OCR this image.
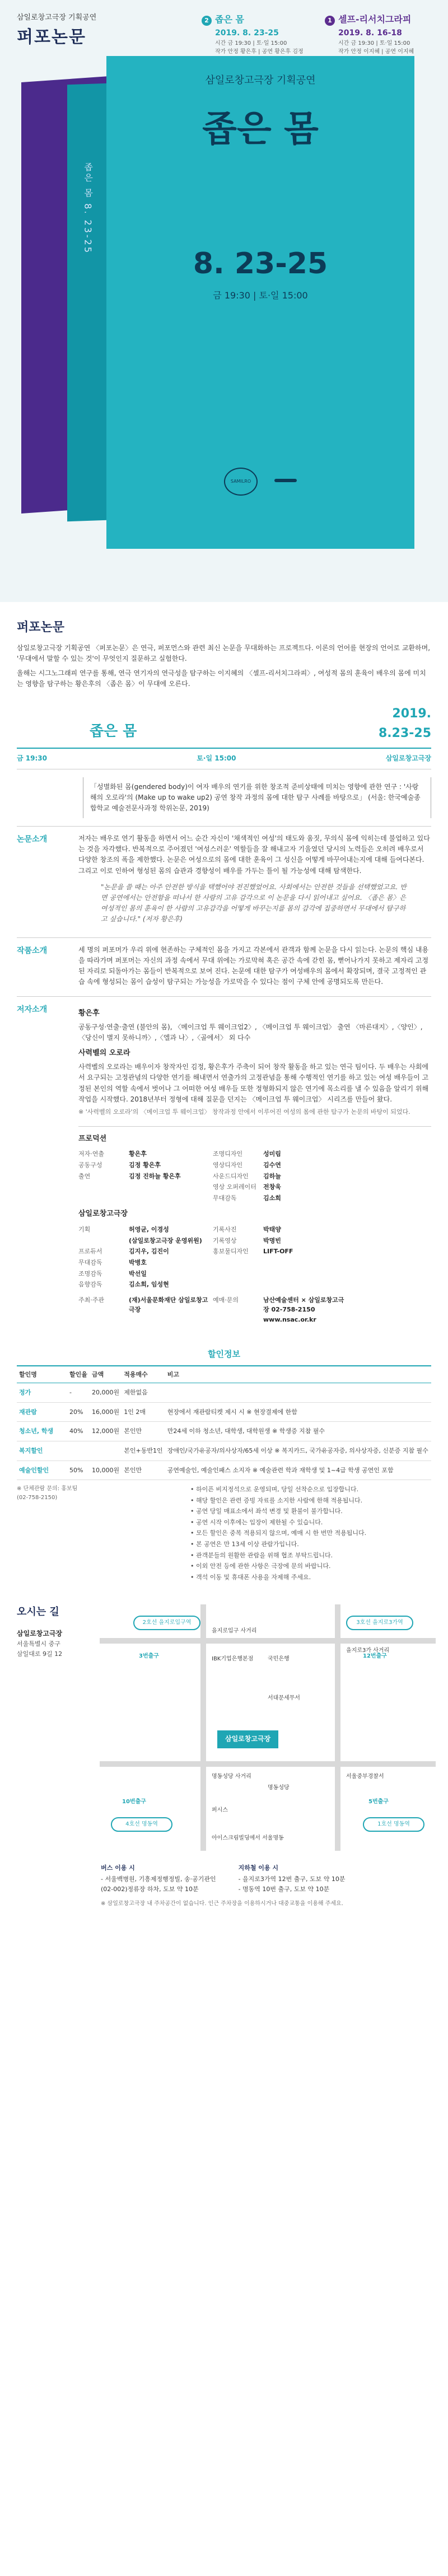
삼일로창고극장 기획공연
퍼포논문
2 좁은 몸
2019. 8. 23-25
시간 금 19:30 | 토·일 15:00
작가 안정 황은후 | 공연 황은후 김정
1 셀프-리서치그라피
2019. 8. 16-18
시간 금 19:30 | 토·일 15:00
작가 안정 이지혜 | 공연 이지혜
좁은 몸 8. 23-25
삼일로창고극장 기획공연
좁은 몸
8. 23-25
금 19:30 | 토·일 15:00
SAMILRO
퍼포논문

삼일로창고극장 기획공연 〈퍼포논문〉은 연극, 퍼포먼스와 관련 최신 논문을 무대화하는 프로젝트다. 이론의 언어를 현장의 언어로 교환하며, '무대에서 말할 수 있는 것'이 무엇인지 질문하고 실험한다.

올해는 시그노그래피 연구를 통해, 연극 연기자의 연극성을 탐구하는 이지혜의 〈셀프-리서치그라피〉, 여성적 몸의 훈육이 배우의 몸에 미치는 영향을 탐구하는 황은후의 〈좁은 몸〉이 무대에 오른다.

좁은 몸
2019.
8.23-25
금 19:30	토·일 15:00	삼일로창고극장
「성별화된 몸(gendered body)이 여자 배우의 연기를 위한 창조적 준비상태에 미치는 영향에 관한 연구 : '사랑해의 오로라'의 (Make up to wake up2) 공연 창작 과정의 몸에 대한 탐구 사례를 바탕으로」 (서울: 한국예술종합학교 예술전문사과정 학위논문, 2019)
논문소개	저자는 배우로 연기 활동을 하면서 어느 순간 자신이 '채색적인 여성'의 태도와 움짓, 무의식 몸에 익히는데 불업하고 있다는 것을 자각했다. 반복적으로 주어졌던 '여성스러운' 역할들을 잘 해내고자 기울였던 당시의 노력들은 오히려 배우로서 다양한 창조의 폭을 제한했다. 논문은 여성으로의 몸에 대한 훈육이 그 성신을 어떻게 바꾸어내는지에 대해 들여다본다. 그리고 이로 인하여 형성된 몸의 습관과 경향성이 배우를 가두는 틀이 될 가능성에 대해 탐색한다.

"논문을 쓸 때는 아주 안전한 방식을 택했어야 전진했었어요. 사회에서는 안전한 것들을 선택했었고요. 반면 공연에서는 안전함을 떠나서 한 사람의 고유 감각으로 이 논문을 다시 읽어내고 싶어요. 〈좁은 몸〉은 여성적인 몸의 훈육이 한 사람의 고유감각을 어떻게 바꾸는지를 몸의 감각에 집중하면서 무대에서 탐구하고 싶습니다." (저자 황은후)
작품소개	세 명의 퍼포머가 우리 위에 현존하는 구체적인 몸을 가지고 각본에서 관객과 함께 논문을 다시 읽는다. 논문의 핵심 내용을 따라가며 퍼포머는 자신의 과정 속에서 무대 위에는 가로막혀 혹은 공간 속에 갇힌 몸, 뻗어나가지 못하고 제자리 고정된 자리로 되돌아가는 몸들이 반복적으로 보여 진다. 논문에 대한 탐구가 여성배우의 몸에서 확장되며, 결국 고정적인 관습 속에 형성되는 몸이 습성이 탐구되는 가능성을 가로막을 수 있다는 점이 구체 안에 공명되도록 만든다.

저자소개	황은후

공동구성·연출·출연 (불안의 몸), 〈메이크업 투 웨이크업2〉, 〈메이크업 투 웨이크업〉 출연 〈마른대지〉,〈양인〉,〈당신이 별지 못하니까〉,〈엘과 나〉,〈골에서〉 외 다수

사력벨의 오로라

사력벨의 오로라는 배우이자 창작자인 김정, 황은후가 주축이 되어 창작 활동을 하고 있는 연극 팀이다. 두 배우는 사회에서 요구되는 고정관념의 다양한 연기를 해내면서 연출가의 고정관념을 통해 수행적인 연기를 하고 있는 여성 배우들이 고정된 본인의 역할 속에서 벗어나 그 어떠한 여성 배우들 또한 정형화되지 않은 연기에 목소리를 낼 수 있음을 알리기 위해 작업을 시작했다. 2018년부터 정형에 대해 질문을 던지는 〈메이크업 투 웨이크업〉 시리즈를 만들어 왔다.

※ '사력벨의 오로라'의 〈메이크업 투 웨이크업〉 창작과정 안에서 이루어진 여성의 몸에 관한 탐구가 논문의 바탕이 되었다.

프로덕션
저자·연출	황은후	조명디자인	성미림
공동구성	김정 황은후	영상디자인	김수연
출연	김정 진하늘 황은후	사운드디자인	김하늘
영상 오퍼레이터	전창욱
무대감독	김소희
삼일로창고극장
기획	허영균, 이경성	기록사진	박태양
(삼일로창고극장 운영위원)	기록영상	박명빈
프로듀서	김지우, 김진이	홍보물디자인	LIFT-OFF
무대감독	박병호
조명감독	박선일
음향감독	김소희, 임성현
주최·주관	(재)서울문화재단 삼일로창고극장
예매·문의	남산예술센터 ⨯ 삼일로창고극장 02-758-2150 www.nsac.or.kr
할인정보
할인명	할인율	금액	적용매수	비고
정가	-	20,000원	제한없음	
재관람	20%	16,000원	1인 2매	현장에서 재관람티켓 제시 시 ※ 현장결제에 한함
청소년, 학생	40%	12,000원	본인만	만24세 이하 청소년, 대학생, 대학원생 ※ 학생증 지참 필수
복지할인			본인+동반1인	장애인/국가유공자/의사상자/65세 이상 ※ 복지카드, 국가유공자증, 의사상자증, 신분증 지참 필수
예술인할인	50%	10,000원	본인만	공연예술인, 예술인패스 소지자 ※ 예술관련 학과 재학생 및 1~4급 학생 공연인 포함
※ 단체관람 문의: 홍보팀(02-758-2150)
• 하이픈 비지정석으로 운영되며, 당일 선착순으로 입장합니다.
• 해당 할인은 관련 증빙 자료를 소지한 사람에 한해 적용됩니다.
• 공연 당일 매표소에서 좌석 변경 및 환불이 불가합니다.
• 공연 시작 이후에는 입장이 제한될 수 있습니다.
• 모든 할인은 중복 적용되지 않으며, 예매 시 한 번만 적용됩니다.
• 본 공연은 만 13세 이상 관람가입니다.
• 관객분들의 원활한 관람을 위해 협조 부탁드립니다.
• 이외 안전 등에 관한 사항은 극장에 문의 바랍니다.
• 객석 이동 및 휴대폰 사용을 자제해 주세요.
오시는 길
삼일로창고극장
서울특별시 중구
삼일대로 9길 12
2호선 을지로입구역	3호선 을지로3가역
4호선 명동역	1호선 명동역
3번출구	12번출구
10번출구	5번출구
을지로입구 사거리
을지로3가 사거리
명동성당 사거리
IBK기업은행본점	국민은행
서대문세무서
명동성당
서울중부경찰서
퍼시스
아이스크림빌딩에서 서울명동
삼일로창고극장
버스 이용 시
- 서울백병원, 기흥제정행정빌, 송·공기관인
(02-002)정류장 하차, 도보 약 10분
지하철 이용 시
- 을지로3가역 12번 출구, 도보 약 10분
- 명동역 10번 출구, 도보 약 10분
※ 삼일로창고극장 내 주차공간이 없습니다. 인근 주차장을 이용하시거나 대중교통을 이용해 주세요.
